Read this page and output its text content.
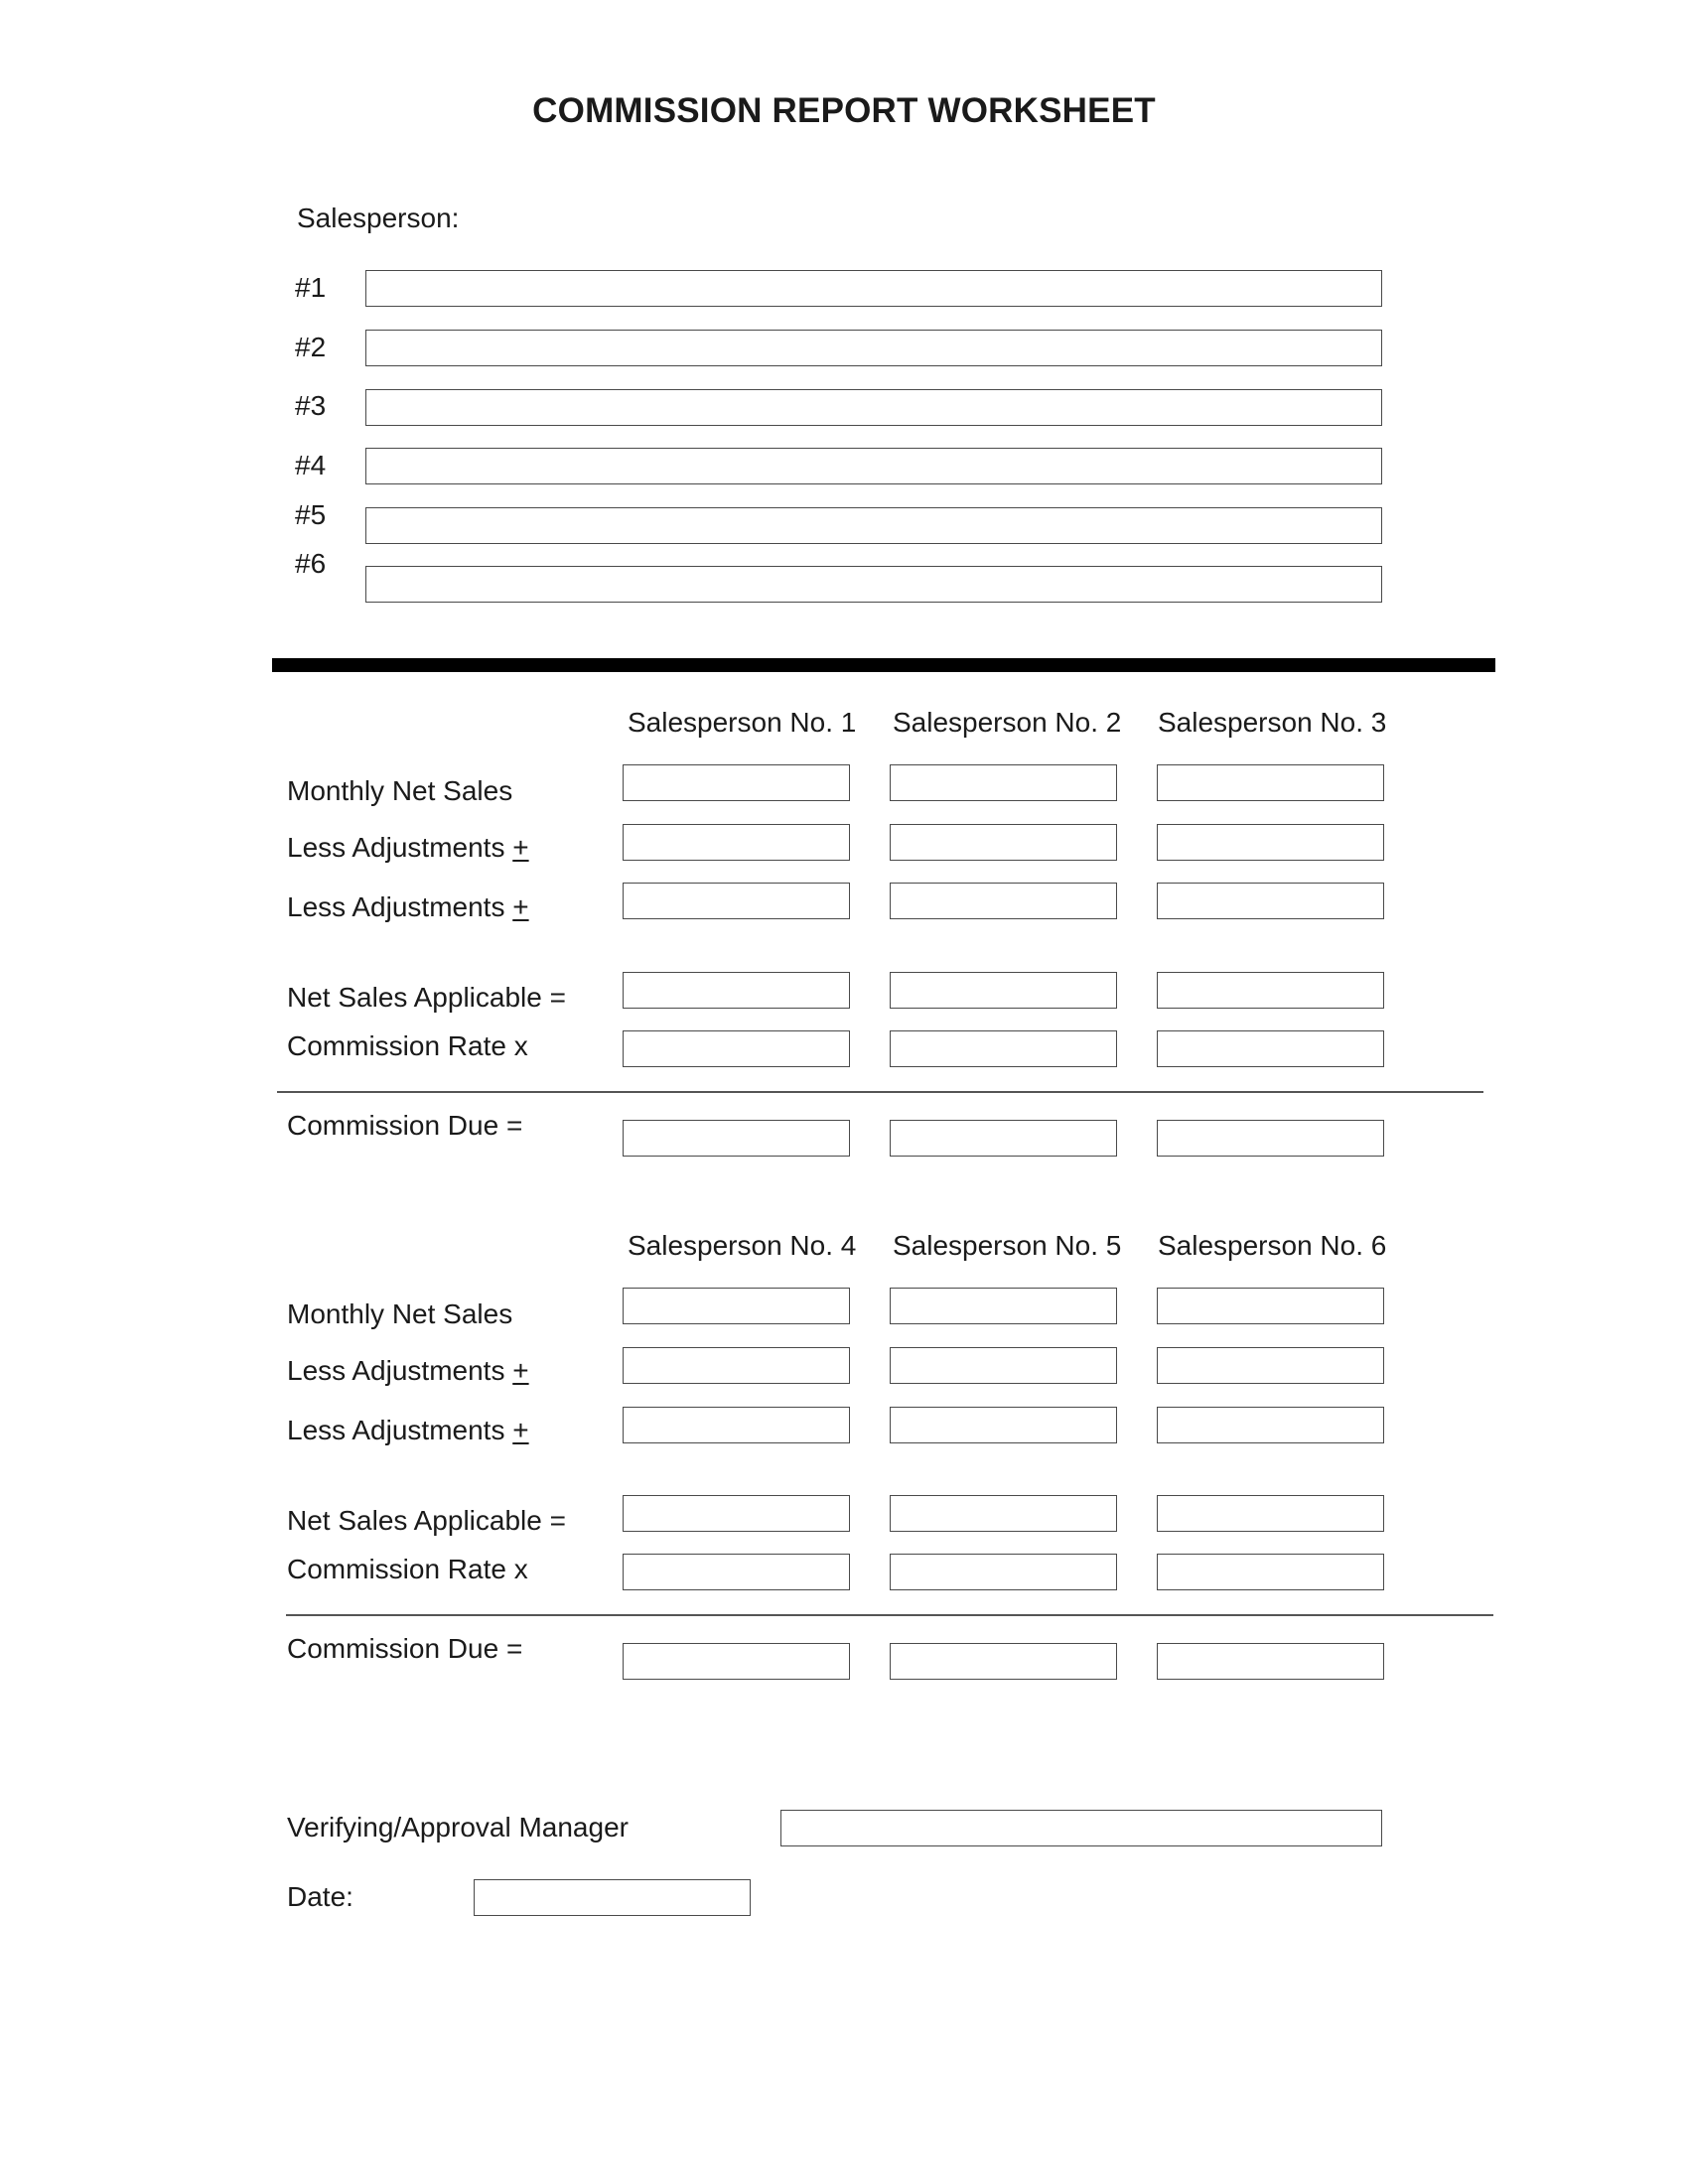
COMMISSION REPORT WORKSHEET
Salesperson:
#1
#2
#3
#4
#5
#6
Salesperson No. 1 Salesperson No. 2 Salesperson No. 3
Monthly Net Sales
Less Adjustments +
Less Adjustments +
Net Sales Applicable =
Commission Rate x
Commission Due =
Salesperson No. 4 Salesperson No. 5 Salesperson No. 6
Monthly Net Sales
Less Adjustments +
Less Adjustments +
Net Sales Applicable =
Commission Rate x
Commission Due =
Verifying/Approval Manager
Date:
